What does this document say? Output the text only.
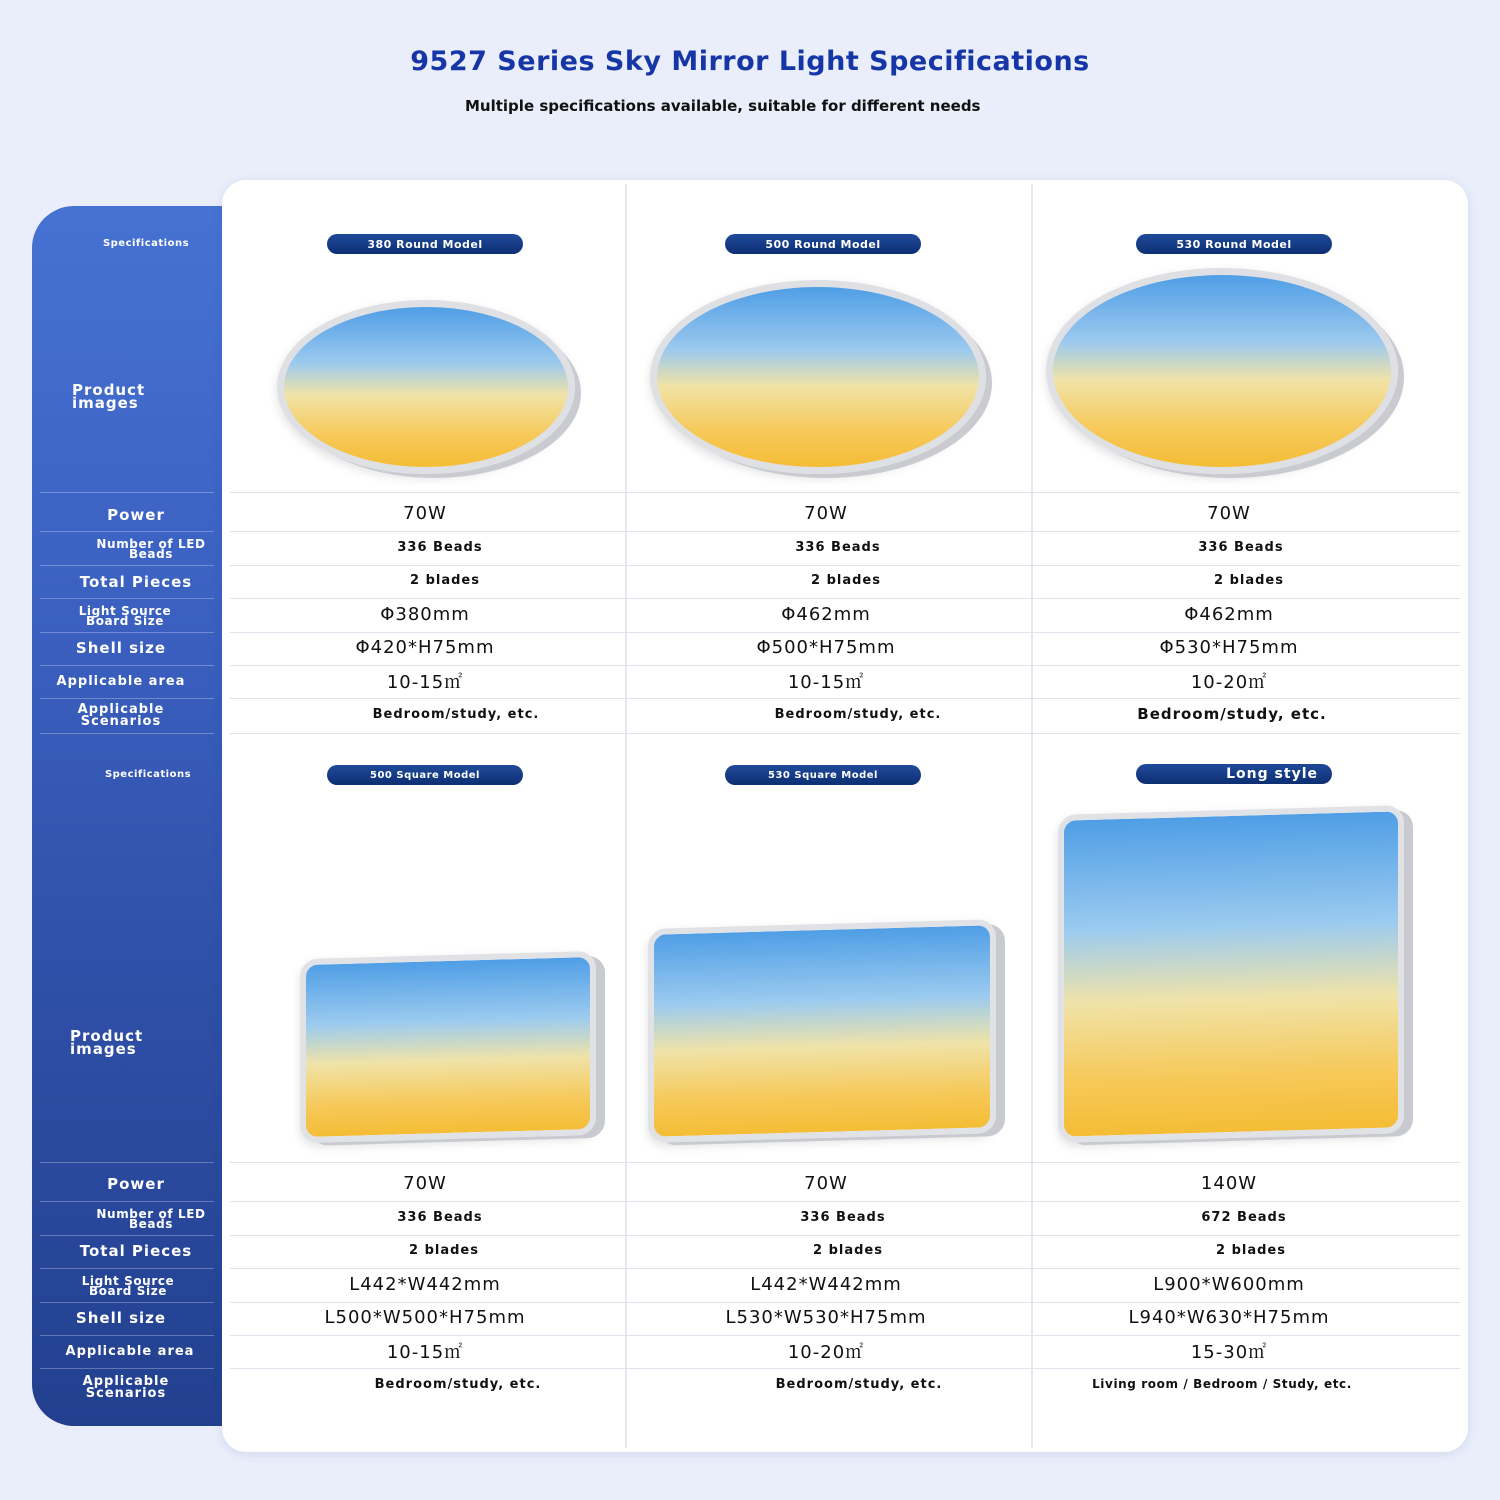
9527 Series Sky Mirror Light Specifications
Multiple specifications available, suitable for different needs
Specifications
Product images
Power
Number of LED Beads
Total Pieces
Light Source Board Size
Shell size
Applicable area
Applicable Scenarios
Specifications
Product images
Power
Number of LED Beads
Total Pieces
Light Source Board Size
Shell size
Applicable area
Applicable Scenarios
380 Round Model
70W
336 Beads
2 blades
Φ380mm
Φ420*H75mm
10-15㎡
Bedroom/study, etc.
500 Round Model
70W
336 Beads
2 blades
Φ462mm
Φ500*H75mm
10-15㎡
Bedroom/study, etc.
530 Round Model
70W
336 Beads
2 blades
Φ462mm
Φ530*H75mm
10-20㎡
Bedroom/study, etc.
500 Square Model
70W
336 Beads
2 blades
L442*W442mm
L500*W500*H75mm
10-15㎡
Bedroom/study, etc.
530 Square Model
70W
336 Beads
2 blades
L442*W442mm
L530*W530*H75mm
10-20㎡
Bedroom/study, etc.
Long style
140W
672 Beads
2 blades
L900*W600mm
L940*W630*H75mm
15-30㎡
Living room / Bedroom / Study, etc.
